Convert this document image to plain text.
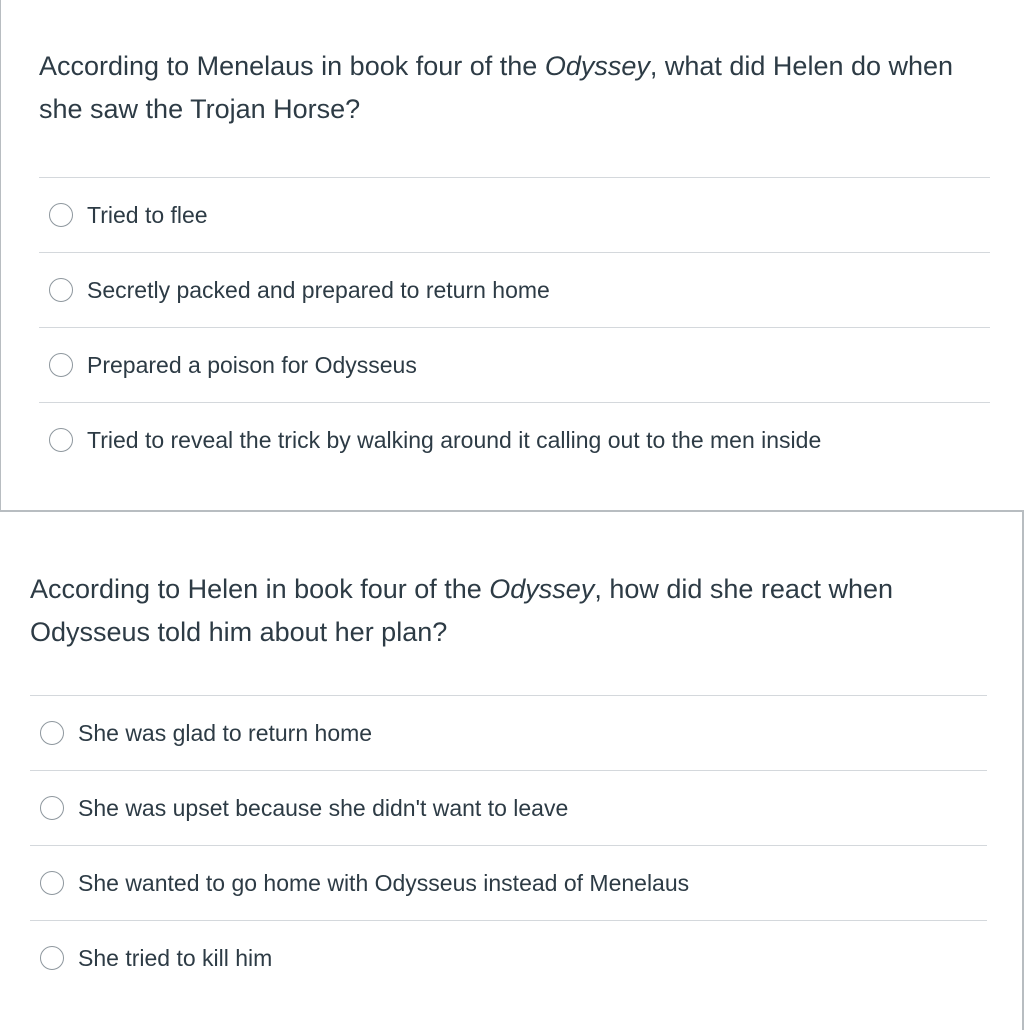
According to Menelaus in book four of the Odyssey, what did Helen do when she saw the Trojan Horse?

Tried to flee
Secretly packed and prepared to return home
Prepared a poison for Odysseus
Tried to reveal the trick by walking around it calling out to the men inside

According to Helen in book four of the Odyssey, how did she react when Odysseus told him about her plan?

She was glad to return home
She was upset because she didn't want to leave
She wanted to go home with Odysseus instead of Menelaus
She tried to kill him
